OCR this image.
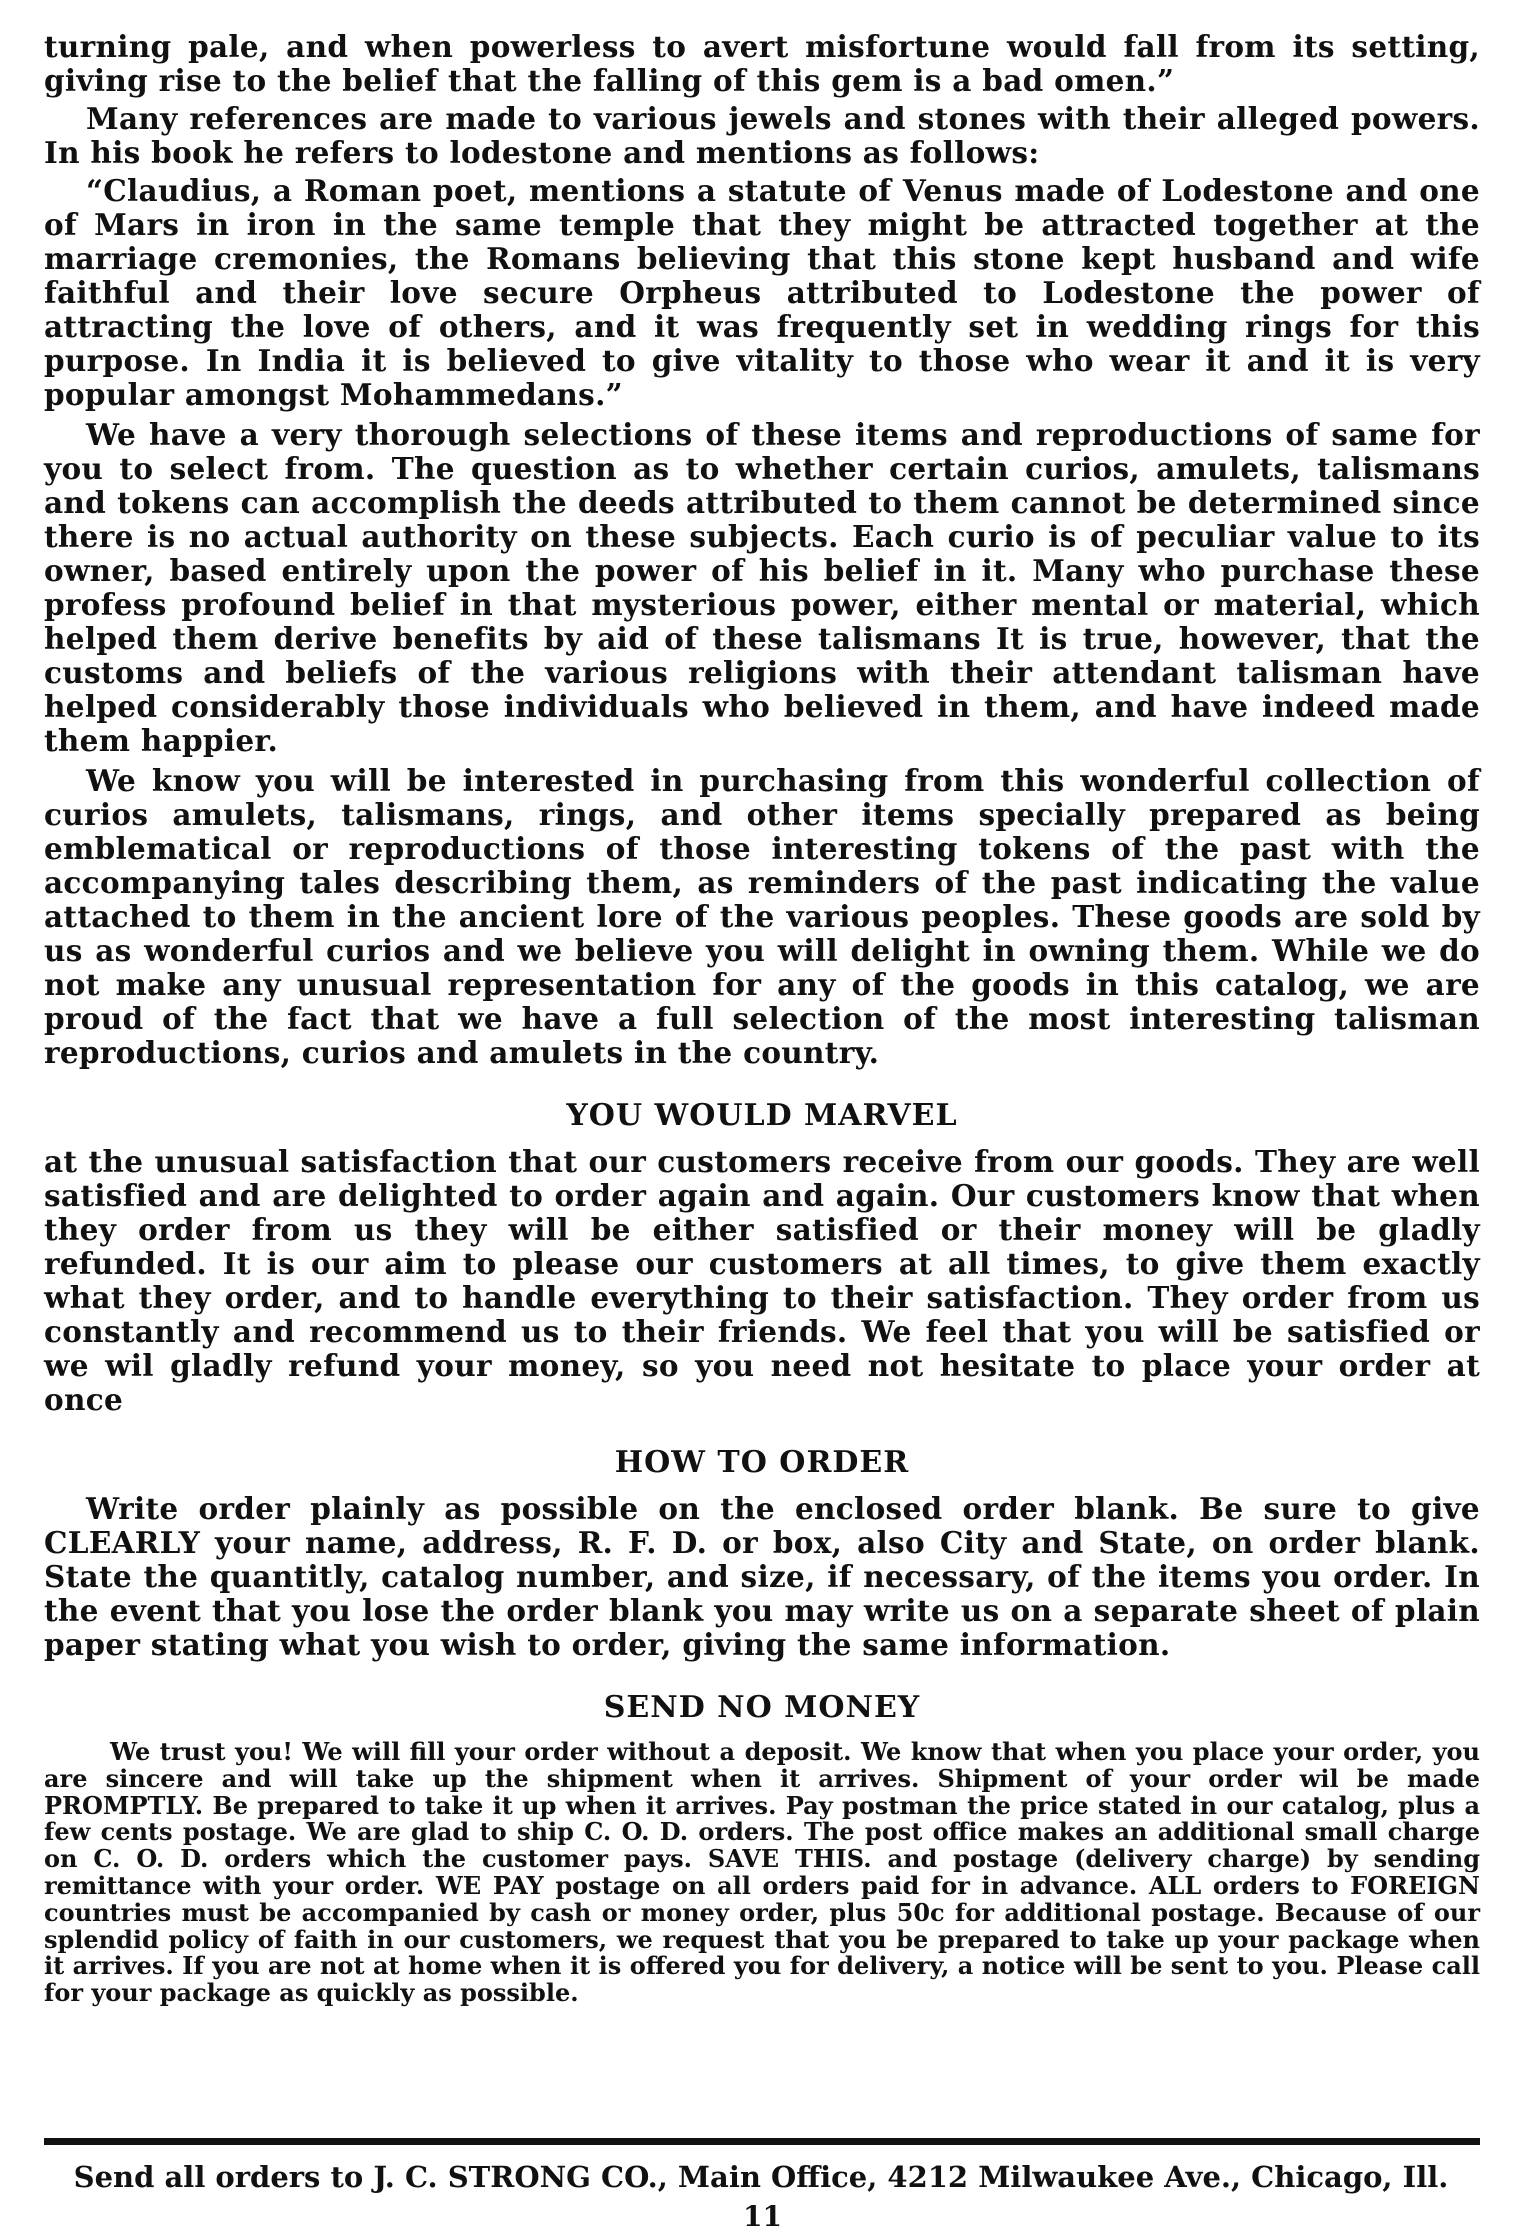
turning pale, and when powerless to avert misfortune would fall from its setting, giving rise to the belief that the falling of this gem is a bad omen.”

Many references are made to various jewels and stones with their alleged powers. In his book he refers to lodestone and mentions as follows:

“Claudius, a Roman poet, mentions a statute of Venus made of Lodestone and one of Mars in iron in the same temple that they might be attracted together at the marriage cremonies, the Romans believing that this stone kept husband and wife faithful and their love secure Orpheus attributed to Lodestone the power of attracting the love of others, and it was frequently set in wedding rings for this purpose. In India it is believed to give vitality to those who wear it and it is very popular amongst Mohammedans.”

We have a very thorough selections of these items and reproductions of same for you to select from. The question as to whether certain curios, amulets, talismans and tokens can accomplish the deeds attributed to them cannot be determined since there is no actual authority on these subjects. Each curio is of peculiar value to its owner, based entirely upon the power of his belief in it. Many who purchase these profess profound belief in that mysterious power, either mental or material, which helped them derive benefits by aid of these talismans It is true, however, that the customs and beliefs of the various religions with their attendant talisman have helped considerably those individuals who believed in them, and have indeed made them happier.

We know you will be interested in purchasing from this wonderful collection of curios amulets, talismans, rings, and other items specially prepared as being emblematical or reproductions of those interesting tokens of the past with the accompanying tales describing them, as reminders of the past indicating the value attached to them in the ancient lore of the various peoples. These goods are sold by us as wonderful curios and we believe you will delight in owning them. While we do not make any unusual representation for any of the goods in this catalog, we are proud of the fact that we have a full selection of the most interesting talisman reproductions, curios and amulets in the country.

YOU WOULD MARVEL

at the unusual satisfaction that our customers receive from our goods. They are well satisfied and are delighted to order again and again. Our customers know that when they order from us they will be either satisfied or their money will be gladly refunded. It is our aim to please our customers at all times, to give them exactly what they order, and to handle everything to their satisfaction. They order from us constantly and recommend us to their friends. We feel that you will be satisfied or we wil gladly refund your money, so you need not hesitate to place your order at once

HOW TO ORDER

Write order plainly as possible on the enclosed order blank. Be sure to give CLEARLY your name, address, R. F. D. or box, also City and State, on order blank. State the quantitly, catalog number, and size, if necessary, of the items you order. In the event that you lose the order blank you may write us on a separate sheet of plain paper stating what you wish to order, giving the same information.

SEND NO MONEY

We trust you! We will fill your order without a deposit. We know that when you place your order, you are sincere and will take up the shipment when it arrives. Shipment of your order wil be made PROMPTLY. Be prepared to take it up when it arrives. Pay postman the price stated in our catalog, plus a few cents postage. We are glad to ship C. O. D. orders. The post office makes an additional small charge on C. O. D. orders which the customer pays. SAVE THIS. and postage (delivery charge) by sending remittance with your order. WE PAY postage on all orders paid for in advance. ALL orders to FOREIGN countries must be accompanied by cash or money order, plus 50c for additional postage. Because of our splendid policy of faith in our customers, we request that you be prepared to take up your package when it arrives. If you are not at home when it is offered you for delivery, a notice will be sent to you. Please call for your package as quickly as possible.

Send all orders to J. C. STRONG CO., Main Office, 4212 Milwaukee Ave., Chicago, Ill.
11
